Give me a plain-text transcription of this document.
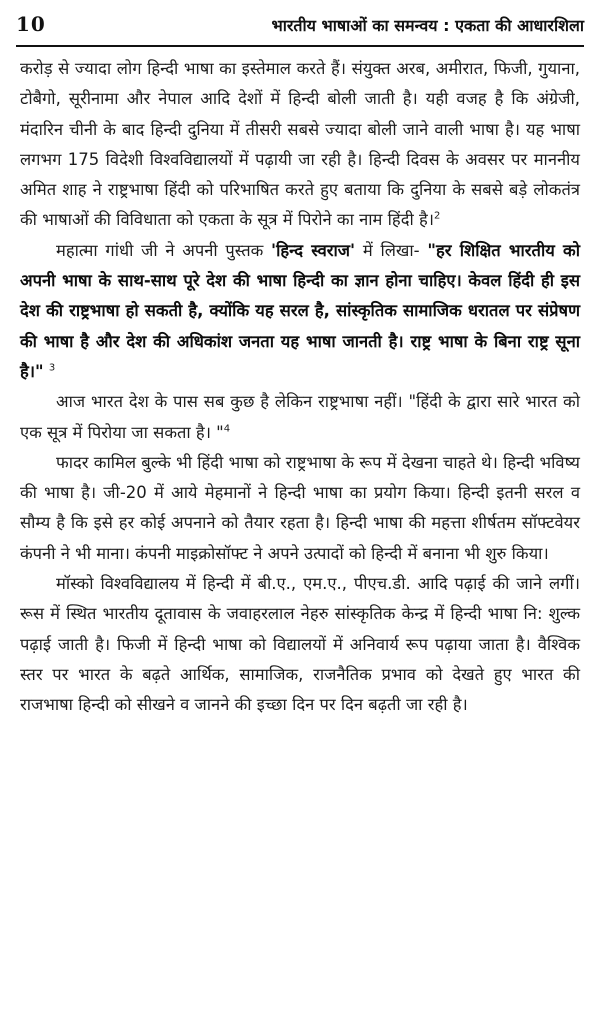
10	भारतीय भाषाओं का समन्वय : एकता की आधारशिला

करोड़ से ज्यादा लोग हिन्दी भाषा का इस्तेमाल करते हैं। संयुक्त अरब, अमीरात, फिजी, गुयाना, टोबैगो, सूरीनामा और नेपाल आदि देशों में हिन्दी बोली जाती है। यही वजह है कि अंग्रेजी, मंदारिन चीनी के बाद हिन्दी दुनिया में तीसरी सबसे ज्यादा बोली जाने वाली भाषा है। यह भाषा लगभग 175 विदेशी विश्वविद्यालयों में पढ़ायी जा रही है। हिन्दी दिवस के अवसर पर माननीय अमित शाह ने राष्ट्रभाषा हिंदी को परिभाषित करते हुए बताया कि दुनिया के सबसे बड़े लोकतंत्र की भाषाओं की विविधाता को एकता के सूत्र में पिरोने का नाम हिंदी है।$^2$

महात्मा गांधी जी ने अपनी पुस्तक 'हिन्द स्वराज' में लिखा- "हर शिक्षित भारतीय को अपनी भाषा के साथ-साथ पूरे देश की भाषा हिन्दी का ज्ञान होना चाहिए। केवल हिंदी ही इस देश की राष्ट्रभाषा हो सकती है, क्योंकि यह सरल है, सांस्कृतिक सामाजिक धरातल पर संप्रेषण की भाषा है और देश की अधिकांश जनता यह भाषा जानती है। राष्ट्र भाषा के बिना राष्ट्र सूना है।" $^3$

आज भारत देश के पास सब कुछ है लेकिन राष्ट्रभाषा नहीं। "हिंदी के द्वारा सारे भारत को एक सूत्र में पिरोया जा सकता है। "$^4$

फादर कामिल बुल्के भी हिंदी भाषा को राष्ट्रभाषा के रूप में देखना चाहते थे। हिन्दी भविष्य की भाषा है। जी-20 में आये मेहमानों ने हिन्दी भाषा का प्रयोग किया। हिन्दी इतनी सरल व सौम्य है कि इसे हर कोई अपनाने को तैयार रहता है। हिन्दी भाषा की महत्ता शीर्षतम सॉफ्टवेयर कंपनी ने भी माना। कंपनी माइक्रोसॉफ्ट ने अपने उत्पादों को हिन्दी में बनाना भी शुरु किया।

मॉस्को विश्वविद्यालय में हिन्दी में बी.ए., एम.ए., पीएच.डी. आदि पढ़ाई की जाने लगीं। रूस में स्थित भारतीय दूतावास के जवाहरलाल नेहरु सांस्कृतिक केन्द्र में हिन्दी भाषा नि: शुल्क पढ़ाई जाती है। फिजी में हिन्दी भाषा को विद्यालयों में अनिवार्य रूप पढ़ाया जाता है। वैश्विक स्तर पर भारत के बढ़ते आर्थिक, सामाजिक, राजनैतिक प्रभाव को देखते हुए भारत की राजभाषा हिन्दी को सीखने व जानने की इच्छा दिन पर दिन बढ़ती जा रही है।
